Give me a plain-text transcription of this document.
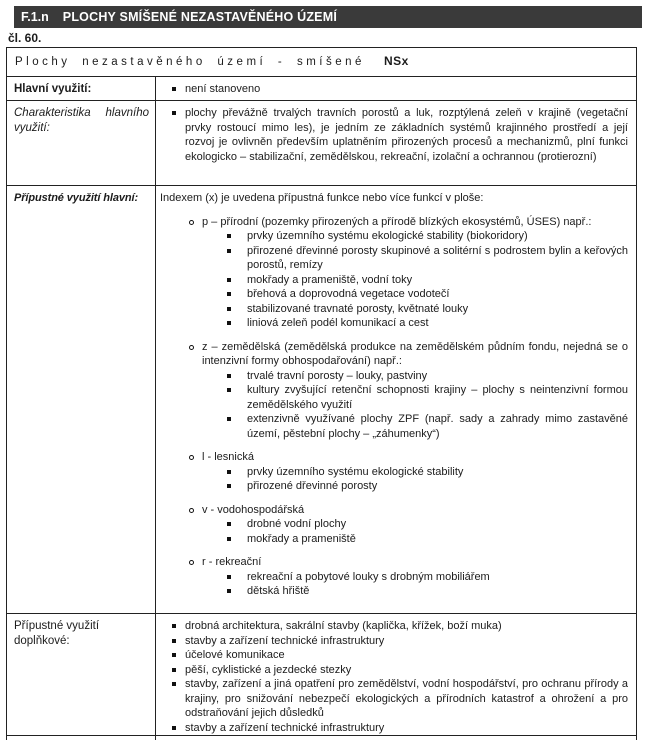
F.1.n PLOCHY SMÍŠENÉ NEZASTAVĚNÉHO ÚZEMÍ
čl. 60.
Plochy nezastavěného území - smíšené NSx
Hlavní využití:	není stanoveno
Charakteristika hlavního využití:
plochy převážně trvalých travních porostů a luk, rozptýlená zeleň v krajině (vegetační prvky rostoucí mimo les), je jedním ze základních systémů krajinného prostředí a její rozvoj je ovlivněn především uplatněním přirozených procesů a mechanizmů, plní funkci ekologicko – stabilizační, zemědělskou, rekreační, izolační a ochrannou (protierozní)
Přípustné využití hlavní:	Indexem (x) je uvedena přípustná funkce nebo více funkcí v ploše:
p – přírodní (pozemky přirozených a přírodě blízkých ekosystémů, ÚSES) např.:
prvky územního systému ekologické stability (biokoridory)
přirozené dřevinné porosty skupinové a solitérní s podrostem bylin a keřových porostů, remízy
mokřady a prameniště, vodní toky
břehová a doprovodná vegetace vodotečí
stabilizované travnaté porosty, květnaté louky
liniová zeleň podél komunikací a cest
z – zemědělská (zemědělská produkce na zemědělském půdním fondu, nejedná se o intenzivní formy obhospodařování) např.:
trvalé travní porosty – louky, pastviny
kultury zvyšující retenční schopnosti krajiny – plochy s neintenzivní formou zemědělského využití
extenzivně využívané plochy ZPF (např. sady a zahrady mimo zastavěné území, pěstební plochy – „záhumenky“)
l - lesnická
prvky územního systému ekologické stability
přirozené dřevinné porosty
v - vodohospodářská
drobné vodní plochy
mokřady a prameniště
r - rekreační
rekreační a pobytové louky s drobným mobiliářem
dětská hřiště
Přípustné využití doplňkové:
drobná architektura, sakrální stavby (kaplička, křížek, boží muka)
stavby a zařízení technické infrastruktury
účelové komunikace
pěší, cyklistické a jezdecké stezky
stavby, zařízení a jiná opatření pro zemědělství, vodní hospodářství, pro ochranu přírody a krajiny, pro snižování nebezpečí ekologických a přírodních katastrof a ohrožení a pro odstraňování jejich důsledků
stavby a zařízení technické infrastruktury
